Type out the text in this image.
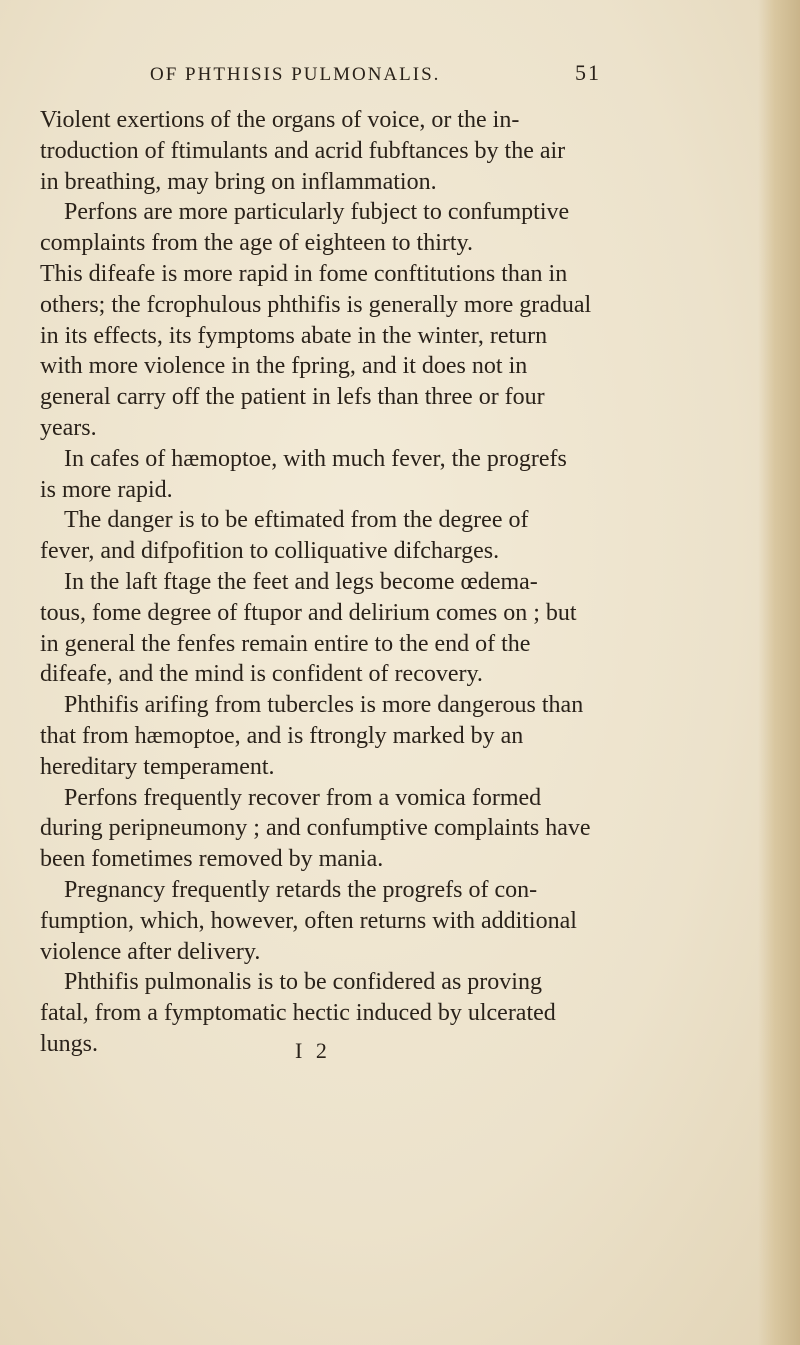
OF PHTHISIS PULMONALIS.	51
Violent exertions of the organs of voice, or the in-
troduction of ftimulants and acrid fubftances by the air
in breathing, may bring on inflammation.
Perfons are more particularly fubject to confumptive
complaints from the age of eighteen to thirty.
This difeafe is more rapid in fome conftitutions than in
others; the fcrophulous phthifis is generally more gradual
in its effects, its fymptoms abate in the winter, return
with more violence in the fpring, and it does not in
general carry off the patient in lefs than three or four
years.
In cafes of hæmoptoe, with much fever, the progrefs
is more rapid.
The danger is to be eftimated from the degree of
fever, and difpofition to colliquative difcharges.
In the laft ftage the feet and legs become œdema-
tous, fome degree of ftupor and delirium comes on ; but
in general the fenfes remain entire to the end of the
difeafe, and the mind is confident of recovery.
Phthifis arifing from tubercles is more dangerous than
that from hæmoptoe, and is ftrongly marked by an
hereditary temperament.
Perfons frequently recover from a vomica formed
during peripneumony ; and confumptive complaints have
been fometimes removed by mania.
Pregnancy frequently retards the progrefs of con-
fumption, which, however, often returns with additional
violence after delivery.
Phthifis pulmonalis is to be confidered as proving
fatal, from a fymptomatic hectic induced by ulcerated
lungs.	I 2
